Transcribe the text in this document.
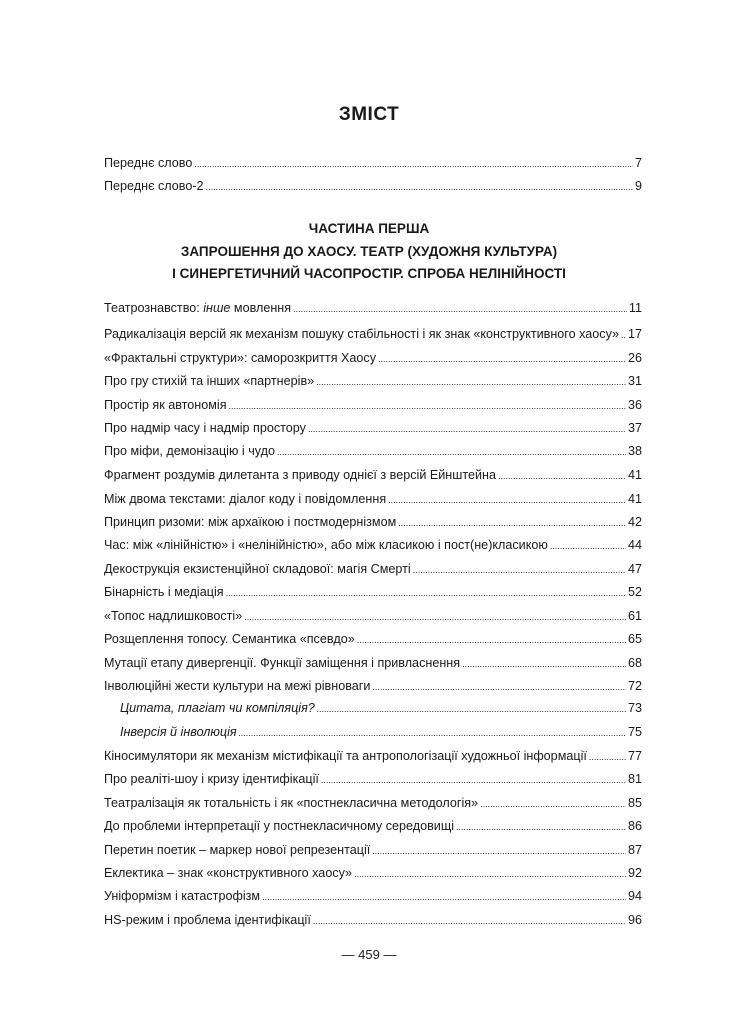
ЗМІСТ
Переднє слово .....	7
Переднє слово-2 .....	9
ЧАСТИНА ПЕРША
ЗАПРОШЕННЯ ДО ХАОСУ. ТЕАТР (ХУДОЖНЯ КУЛЬТУРА)
І СИНЕРГЕТИЧНИЙ ЧАСОПРОСТІР. СПРОБА НЕЛІНІЙНОСТІ
Театрознавство: інше мовлення .....	11
Радикалізація версій як механізм пошуку стабільності і як знак «конструктивного хаосу» ..... 17
«Фрактальні структури»: саморозкриття Хаосу .....	26
Про гру стихій та інших «партнерів» .....	31
Простір як автономія .....	36
Про надмір часу і надмір простору .....	37
Про міфи, демонізацію і чудо .....	38
Фрагмент роздумів дилетанта з приводу однієї з версій Ейнштейна .....	41
Між двома текстами: діалог коду і повідомлення .....	41
Принцип ризоми: між архаїкою і постмодернізмом .....	42
Час: між «лінійністю» і «нелінійністю», або між класикою і пост(не)класикою .....	44
Декострукція екзистенційної складової: магія Смерті .....	47
Бінарність і медіація .....	52
«Топос надлишковості» .....	61
Розщеплення топосу. Семантика «псевдо» .....	65
Мутації етапу дивергенції. Функції заміщення і привласнення .....	68
Інволюційні жести культури на межі рівноваги .....	72
Цитата, плагіат чи компіляція? .....	73
Інверсія й інволюція .....	75
Кіносимулятори як механізм містифікації та антропологізації художньої інформації .....	77
Про реаліті-шоу і кризу ідентифікації .....	81
Театралізація як тотальність і як «постнекласична методологія» .....	85
До проблеми інтерпретації у постнекласичному середовищі .....	86
Перетин поетик – маркер нової репрезентації .....	87
Еклектика – знак «конструктивного хаосу» .....	92
Уніформізм і катастрофізм .....	94
HS-режим і проблема ідентифікації .....	96
— 459 —
